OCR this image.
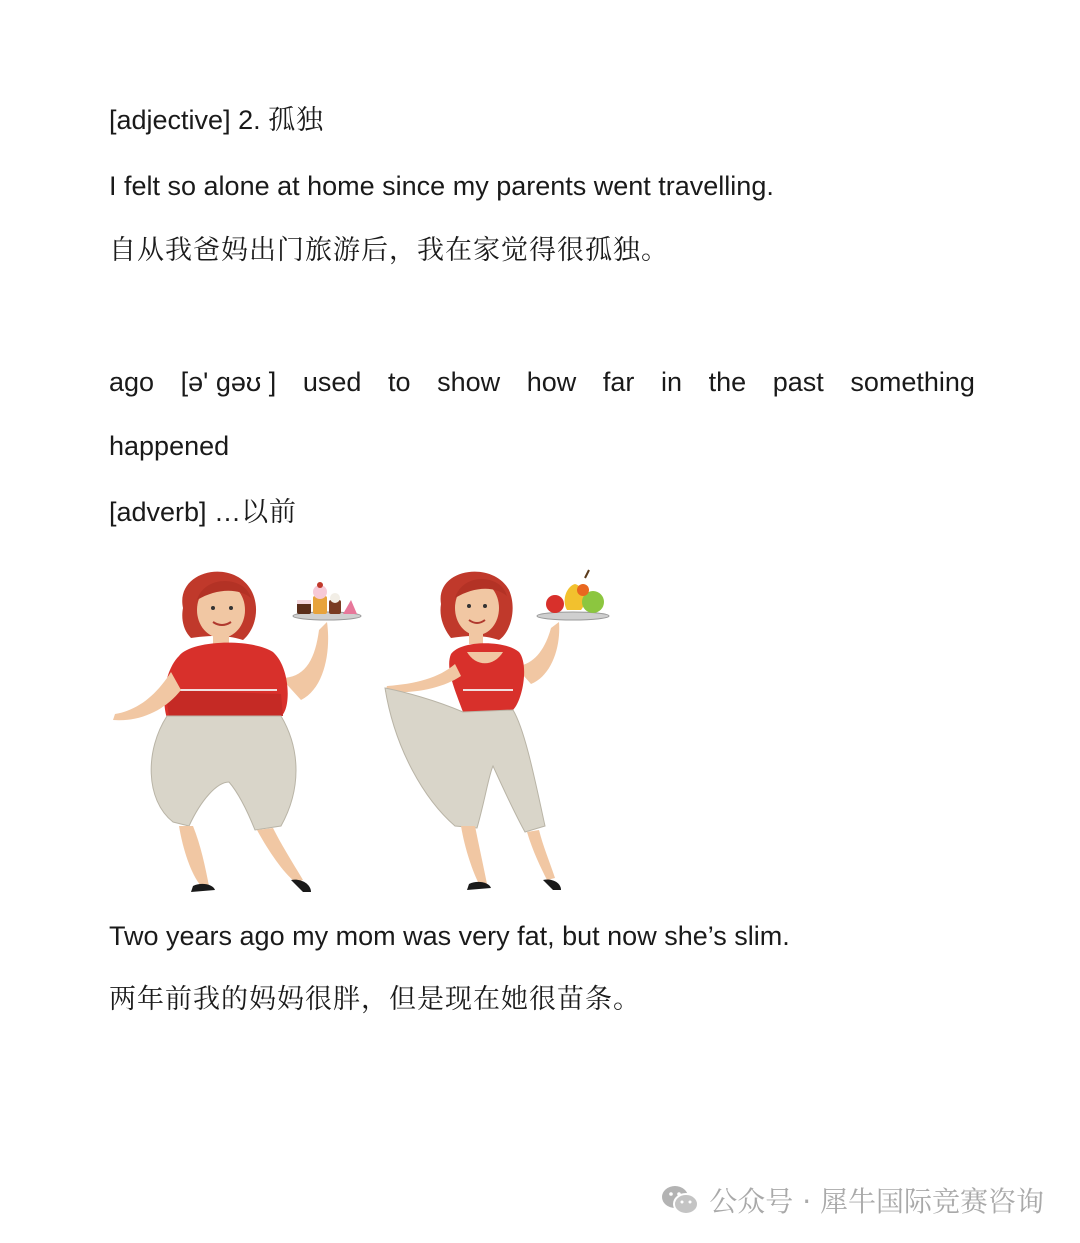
[adjective] 2. 孤独
I felt so alone at home since my parents went travelling.
自从我爸妈出门旅游后，我在家觉得很孤独。
ago [ə' gəʊ ] used to show how far in the past something
happened
[adverb] …以前
Two years ago my mom was very fat, but now she’s slim.
两年前我的妈妈很胖，但是现在她很苗条。
公众号 · 犀牛国际竞赛咨询
